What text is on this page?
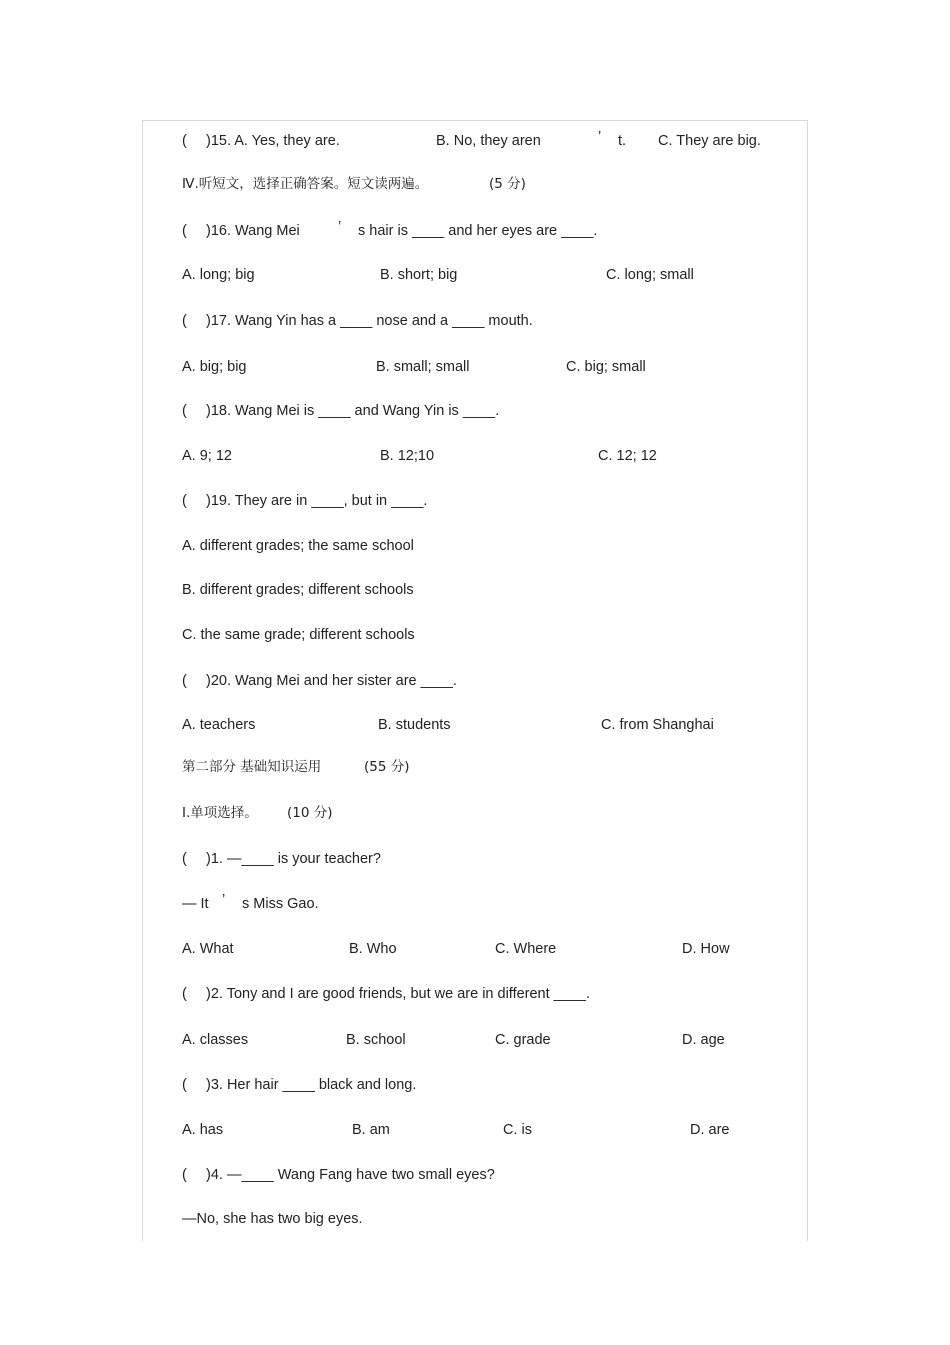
( )15. A. Yes, they are.	B. No, they aren	’ t. C. They are big.
Ⅳ.听短文，选择正确答案。短文读两遍。	(5 分)
( )16. Wang Mei	’ s hair is ____ and her eyes are ____.
A. long; big	B. short; big	C. long; small
( )17. Wang Yin has a ____ nose and a ____ mouth.
A. big; big	B. small; small	C. big; small
( )18. Wang Mei is ____ and Wang Yin is ____.
A. 9; 12	B. 12;10	C. 12; 12
( )19. They are in ____, but in ____.
A. different grades; the same school
B. different grades; different schools
C. the same grade; different schools
( )20. Wang Mei and her sister are ____.
A. teachers	B. students	C. from Shanghai
第二部分 基础知识运用	(55 分)
Ⅰ.单项选择。 (10 分)
( )1. —____ is your teacher?
— It ’ s Miss Gao.
A. What	B. Who	C. Where	D. How
( )2. Tony and I are good friends, but we are in different ____.
A. classes	B. school	C. grade	D. age
( )3. Her hair ____ black and long.
A. has	B. am	C. is	D. are
( )4. —____ Wang Fang have two small eyes?
—No, she has two big eyes.
